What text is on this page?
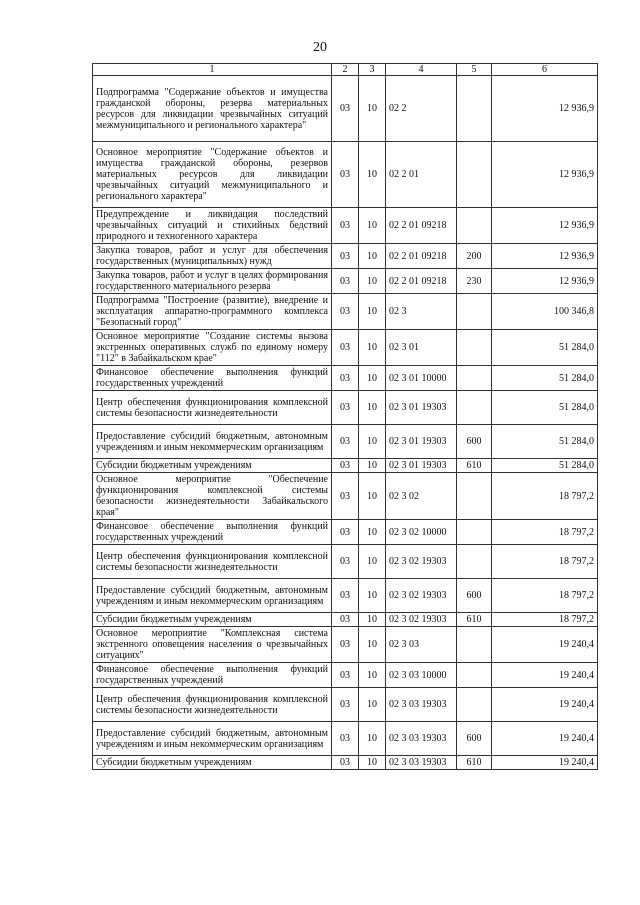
20
1	2	3	4	5	6
Подпрограмма "Содержание объектов и имущества гражданской обороны, резерва материальных ресурсов для ликвидации чрезвычайных ситуаций межмуниципального и регионального характера"	03	10	02 2		12 936,9
Основное мероприятие "Содержание объектов и имущества гражданской обороны, резервов материальных ресурсов для ликвидации чрезвычайных ситуаций межмуниципального и регионального характера"	03	10	02 2 01		12 936,9
Предупреждение и ликвидация последствий чрезвычайных ситуаций и стихийных бедствий природного и техногенного характера	03	10	02 2 01 09218		12 936,9
Закупка товаров, работ и услуг для обеспечения государственных (муниципальных) нужд	03	10	02 2 01 09218	200	12 936,9
Закупка товаров, работ и услуг в целях формирования государственного материального резерва	03	10	02 2 01 09218	230	12 936,9
Подпрограмма "Построение (развитие), внедрение и эксплуатация аппаратно-программного комплекса "Безопасный город"	03	10	02 3		100 346,8
Основное мероприятие "Создание системы вызова экстренных оперативных служб по единому номеру "112" в Забайкальском крае"	03	10	02 3 01		51 284,0
Финансовое обеспечение выполнения функций государственных учреждений	03	10	02 3 01 10000		51 284,0
Центр обеспечения функционирования комплексной системы безопасности жизнедеятельности	03	10	02 3 01 19303		51 284,0
Предоставление субсидий бюджетным, автономным учреждениям и иным некоммерческим организациям	03	10	02 3 01 19303	600	51 284,0
Субсидии бюджетным учреждениям	03	10	02 3 01 19303	610	51 284,0
Основное мероприятие "Обеспечение функционирования комплексной системы безопасности жизнедеятельности Забайкальского края"	03	10	02 3 02		18 797,2
Финансовое обеспечение выполнения функций государственных учреждений	03	10	02 3 02 10000		18 797,2
Центр обеспечения функционирования комплексной системы безопасности жизнедеятельности	03	10	02 3 02 19303		18 797,2
Предоставление субсидий бюджетным, автономным учреждениям и иным некоммерческим организациям	03	10	02 3 02 19303	600	18 797,2
Субсидии бюджетным учреждениям	03	10	02 3 02 19303	610	18 797,2
Основное мероприятие "Комплексная система экстренного оповещения населения о чрезвычайных ситуациях"	03	10	02 3 03		19 240,4
Финансовое обеспечение выполнения функций государственных учреждений	03	10	02 3 03 10000		19 240,4
Центр обеспечения функционирования комплексной системы безопасности жизнедеятельности	03	10	02 3 03 19303		19 240,4
Предоставление субсидий бюджетным, автономным учреждениям и иным некоммерческим организациям	03	10	02 3 03 19303	600	19 240,4
Субсидии бюджетным учреждениям	03	10	02 3 03 19303	610	19 240,4
